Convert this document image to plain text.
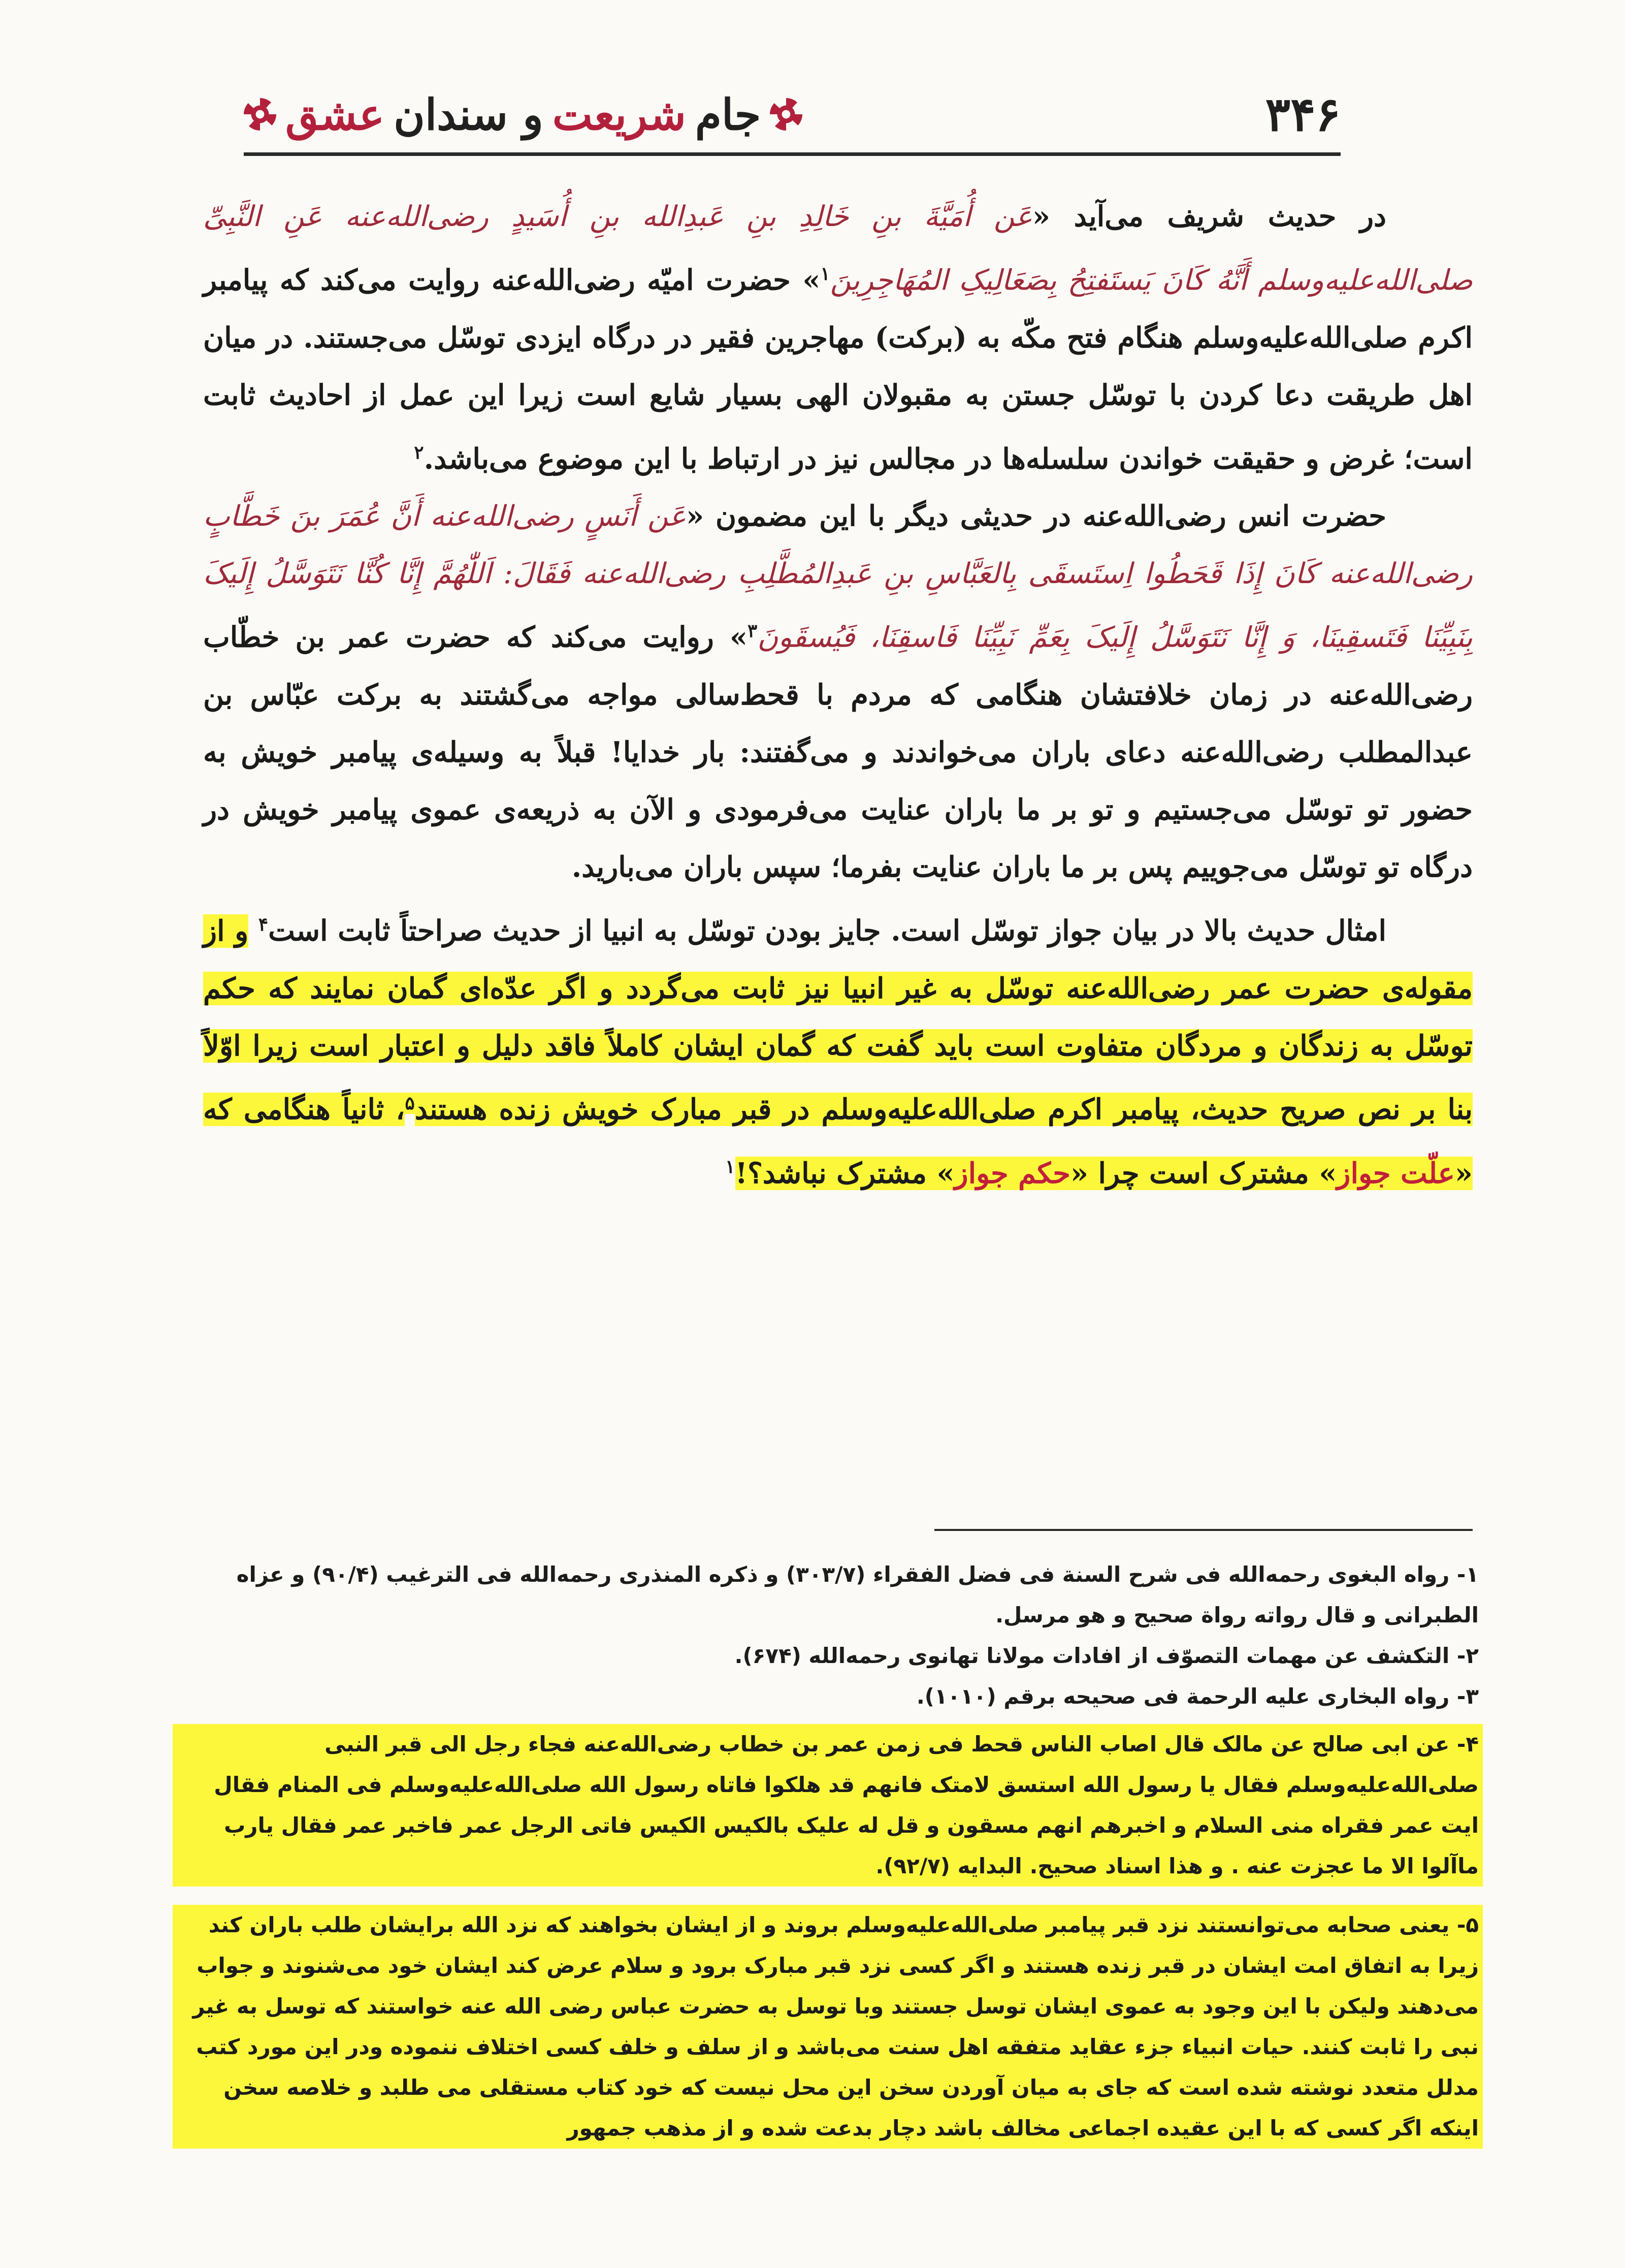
۳۴۶
جام
شریعت
و سندان
عشق

در حدیث شریف می‌آید «عَن أُمَیَّةَ بنِ خَالِدِ بنِ عَبدِالله بنِ أُسَیدٍ رضی‌الله‌عنه عَنِ النَّبِیِّ صلی‌الله‌علیه‌وسلم أَنَّهُ کَانَ یَستَفتِحُ بِصَعَالِیکِ المُهَاجِرِینَ$^۱$» حضرت امیّه رضی‌الله‌عنه روایت می‌کند که پیامبر اکرم صلی‌الله‌علیه‌وسلم هنگام فتح مکّه به (برکت) مهاجرین فقیر در درگاه ایزدی توسّل می‌جستند. در میان اهل طریقت دعا کردن با توسّل جستن به مقبولان الهی بسیار شایع است زیرا این عمل از احادیث ثابت است؛ غرض و حقیقت خواندن سلسله‌ها در مجالس نیز در ارتباط با این موضوع می‌باشد.$^۲$

حضرت انس رضی‌الله‌عنه در حدیثی دیگر با این مضمون «عَن أَنَسٍ رضی‌الله‌عنه أَنَّ عُمَرَ بنَ خَطَّابٍ رضی‌الله‌عنه کَانَ إِذَا قَحَطُوا اِستَسقَی بِالعَبَّاسِ بنِ عَبدِالمُطَّلِبِ رضی‌الله‌عنه فَقَالَ: اَللّٰهُمَّ إِنَّا کُنَّا نَتَوَسَّلُ إِلَیکَ بِنَبِیِّنَا فَتَسقِینَا، وَ إِنَّا نَتَوَسَّلُ إِلَیکَ بِعَمِّ نَبِیِّنَا فَاسقِنَا، فَیُسقَونَ$^۳$» روایت می‌کند که حضرت عمر بن خطّاب رضی‌الله‌عنه در زمان خلافتشان هنگامی که مردم با قحط‌سالی مواجه می‌گشتند به برکت عبّاس بن عبدالمطلب رضی‌الله‌عنه دعای باران می‌خواندند و می‌گفتند: بار خدایا! قبلاً به وسیله‌ی پیامبر خویش به حضور تو توسّل می‌جستیم و تو بر ما باران عنایت می‌فرمودی و الآن به ذریعه‌ی عموی پیامبر خویش در درگاه تو توسّل می‌جوییم پس بر ما باران عنایت بفرما؛ سپس باران می‌بارید.

امثال حدیث بالا در بیان جواز توسّل است. جایز بودن توسّل به انبیا از حدیث صراحتاً ثابت است$^۴$ و از مقوله‌ی حضرت عمر رضی‌الله‌عنه توسّل به غیر انبیا نیز ثابت می‌گردد و اگر عدّه‌ای گمان نمایند که حکم توسّل به زندگان و مردگان متفاوت است باید گفت که گمان ایشان کاملاً فاقد دلیل و اعتبار است زیرا اوّلاً بنا بر نص صریح حدیث، پیامبر اکرم صلی‌الله‌علیه‌وسلم در قبر مبارک خویش زنده هستند$^۵$، ثانیاً هنگامی که «علّت جواز» مشترک است چرا «حکم جواز» مشترک نباشد؟!$^۱$

۱- رواه البغوی رحمه‌الله فی شرح السنة فی فضل الفقراء (۳۰۳/۷) و ذکره المنذری رحمه‌الله فی الترغیب (۹۰/۴) و عزاه الطبرانی و قال رواته رواة صحیح و هو مرسل.

۲- التکشف عن مهمات التصوّف از افادات مولانا تهانوی رحمه‌الله (۶۷۴).

۳- رواه البخاری علیه الرحمة فی صحیحه برقم (۱۰۱۰).

۴- عن ابی صالح عن مالک قال اصاب الناس قحط فی زمن عمر بن خطاب رضی‌الله‌عنه فجاء رجل الی قبر النبی صلی‌الله‌علیه‌وسلم فقال یا رسول الله استسق لامتک فانهم قد هلکوا فاتاه رسول الله صلی‌الله‌علیه‌وسلم فی المنام فقال ایت عمر فقراه منی السلام و اخبرهم انهم مسقون و قل له علیک بالکیس الکیس فاتی الرجل عمر فاخبر عمر فقال یارب ماآلوا الا ما عجزت عنه . و هذا اسناد صحیح. البدایه (۹۲/۷).

۵- یعنی صحابه می‌توانستند نزد قبر پیامبر صلی‌الله‌علیه‌وسلم بروند و از ایشان بخواهند که نزد الله برایشان طلب باران کند زیرا به اتفاق امت ایشان در قبر زنده هستند و اگر کسی نزد قبر مبارک برود و سلام عرض کند ایشان خود می‌شنوند و جواب می‌دهند ولیکن با این وجود به عموی ایشان توسل جستند وبا توسل به حضرت عباس رضی الله عنه خواستند که توسل به غیر نبی را ثابت کنند. حیات انبیاء جزء عقاید متفقه اهل سنت می‌باشد و از سلف و خلف کسی اختلاف ننموده ودر این مورد کتب مدلل متعدد نوشته شده است که جای به میان آوردن سخن این محل نیست که خود کتاب مستقلی می طلبد و خلاصه سخن اینکه اگر کسی که با این عقیده اجماعی مخالف باشد دچار بدعت شده و از مذهب جمهور
